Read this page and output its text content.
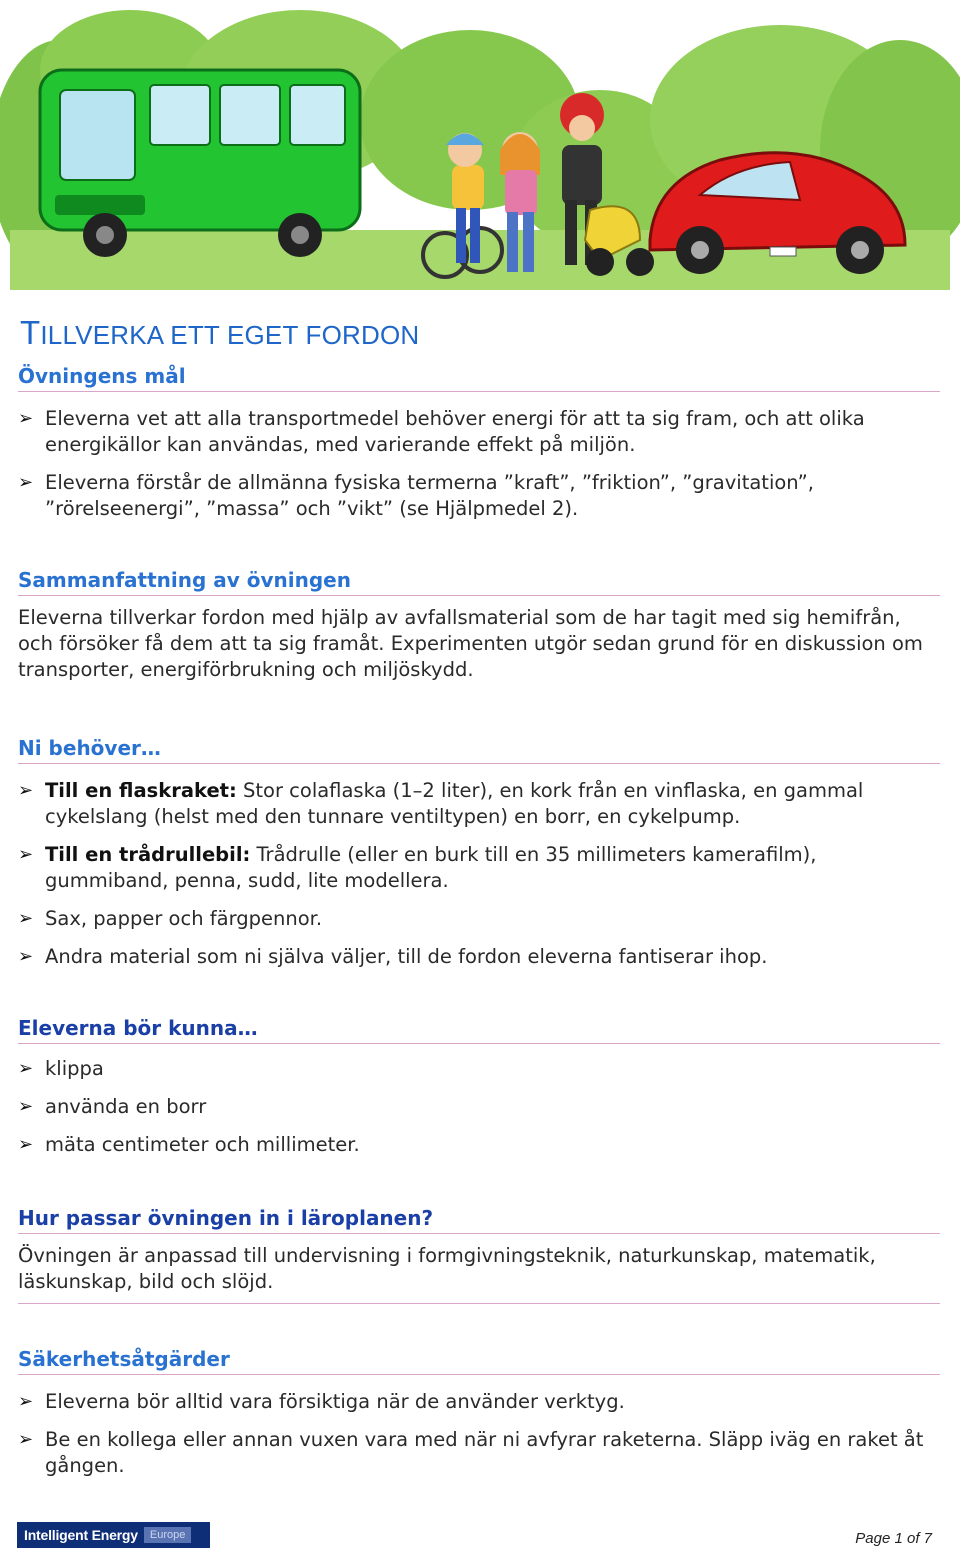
TILLVERKA ETT EGET FORDON
Övningens mål
➢ Eleverna vet att alla transportmedel behöver energi för att ta sig fram, och att olika energikällor kan användas, med varierande effekt på miljön.
➢ Eleverna förstår de allmänna fysiska termerna ”kraft”, ”friktion”, ”gravitation”, ”rörelseenergi”, ”massa” och ”vikt” (se Hjälpmedel 2).
Sammanfattning av övningen

Eleverna tillverkar fordon med hjälp av avfallsmaterial som de har tagit med sig hemifrån, och försöker få dem att ta sig framåt. Experimenten utgör sedan grund för en diskussion om transporter, energiförbrukning och miljöskydd.

Ni behöver…
➢ Till en flaskraket: Stor colaflaska (1–2 liter), en kork från en vinflaska, en gammal cykelslang (helst med den tunnare ventiltypen) en borr, en cykelpump.
➢ Till en trådrullebil: Trådrulle (eller en burk till en 35 millimeters kamerafilm), gummiband, penna, sudd, lite modellera.
➢ Sax, papper och färgpennor.
➢ Andra material som ni själva väljer, till de fordon eleverna fantiserar ihop.
Eleverna bör kunna…
➢ klippa
➢ använda en borr
➢ mäta centimeter och millimeter.
Hur passar övningen in i läroplanen?

Övningen är anpassad till undervisning i formgivningsteknik, naturkunskap, matematik, läskunskap, bild och slöjd.

Säkerhetsåtgärder
➢ Eleverna bör alltid vara försiktiga när de använder verktyg.
➢ Be en kollega eller annan vuxen vara med när ni avfyrar raketerna. Släpp iväg en raket åt gången.
Intelligent Energy	Europe	Page 1 of 7
